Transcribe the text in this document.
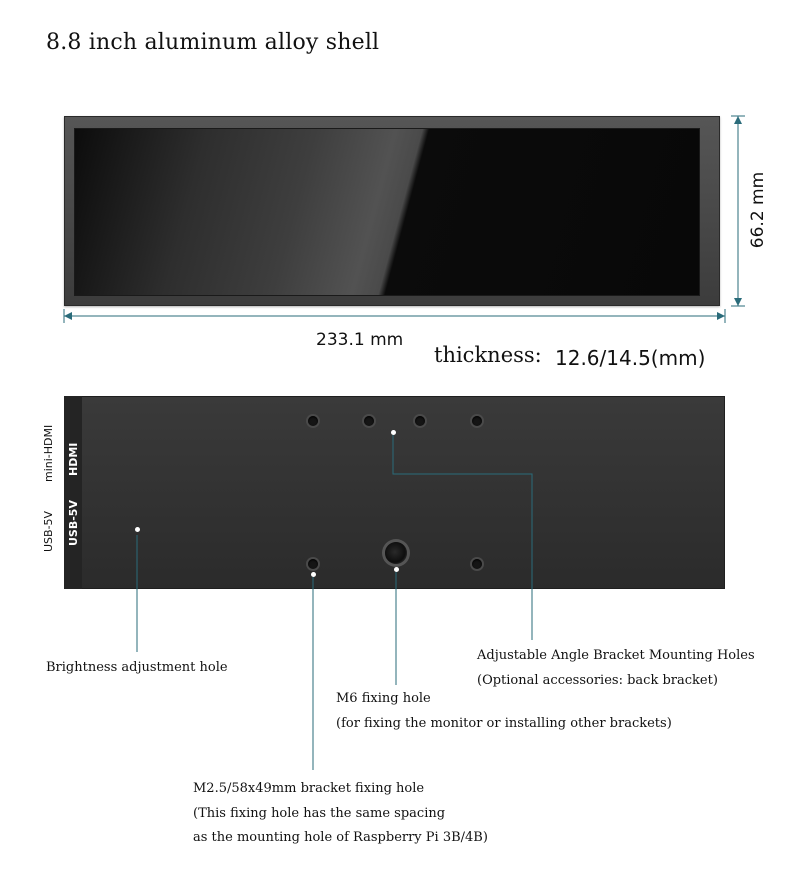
8.8 inch aluminum alloy shell
233.1 mm
66.2 mm
thickness: 12.6/14.5(mm)
mini-HDMI
USB-5V
HDMI
USB-5V
Brightness adjustment hole
Adjustable Angle Bracket Mounting Holes
(Optional accessories: back bracket)
M6 fixing hole
(for fixing the monitor or installing other brackets)
M2.5/58x49mm bracket fixing hole
(This fixing hole has the same spacing
as the mounting hole of Raspberry Pi 3B/4B)
